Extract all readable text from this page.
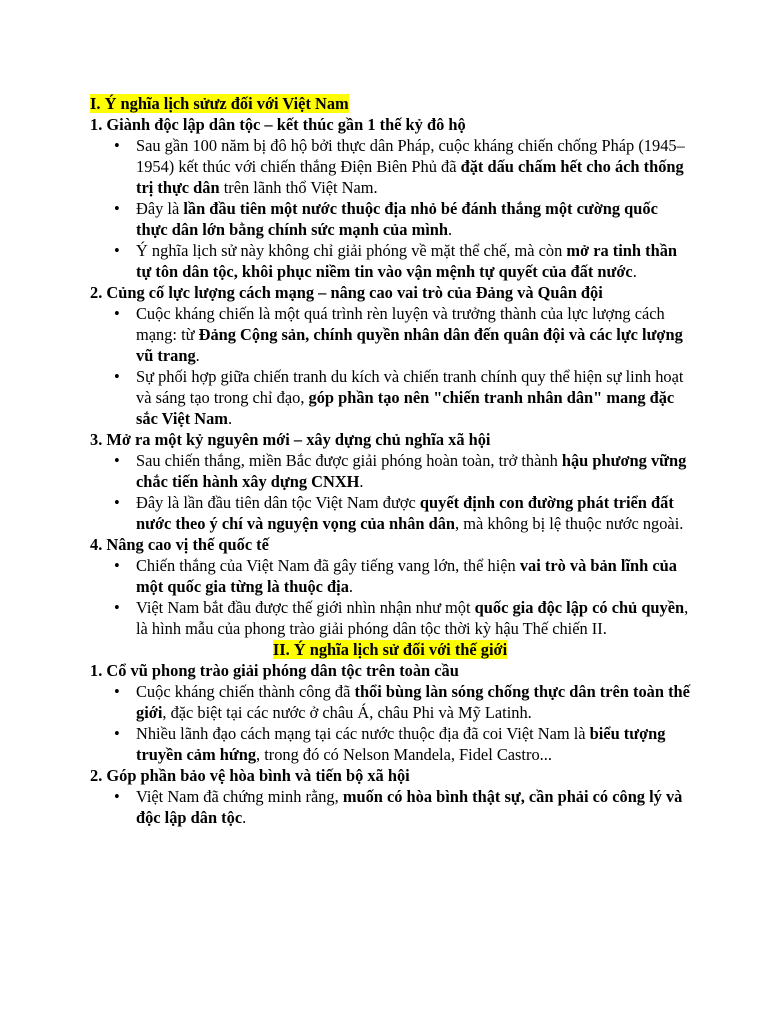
I. Ý nghĩa lịch sửưz đối với Việt Nam

1. Giành độc lập dân tộc – kết thúc gần 1 thế kỷ đô hộ

• Sau gần 100 năm bị đô hộ bởi thực dân Pháp, cuộc kháng chiến chống Pháp (1945–1954) kết thúc với chiến thắng Điện Biên Phủ đã đặt dấu chấm hết cho ách thống trị thực dân trên lãnh thổ Việt Nam.
• Đây là lần đầu tiên một nước thuộc địa nhỏ bé đánh thắng một cường quốc thực dân lớn bằng chính sức mạnh của mình.
• Ý nghĩa lịch sử này không chỉ giải phóng về mặt thể chế, mà còn mở ra tinh thần tự tôn dân tộc, khôi phục niềm tin vào vận mệnh tự quyết của đất nước.

2. Củng cố lực lượng cách mạng – nâng cao vai trò của Đảng và Quân đội

• Cuộc kháng chiến là một quá trình rèn luyện và trưởng thành của lực lượng cách mạng: từ Đảng Cộng sản, chính quyền nhân dân đến quân đội và các lực lượng vũ trang.
• Sự phối hợp giữa chiến tranh du kích và chiến tranh chính quy thể hiện sự linh hoạt và sáng tạo trong chỉ đạo, góp phần tạo nên "chiến tranh nhân dân" mang đặc sắc Việt Nam.

3. Mở ra một kỷ nguyên mới – xây dựng chủ nghĩa xã hội

• Sau chiến thắng, miền Bắc được giải phóng hoàn toàn, trở thành hậu phương vững chắc tiến hành xây dựng CNXH.
• Đây là lần đầu tiên dân tộc Việt Nam được quyết định con đường phát triển đất nước theo ý chí và nguyện vọng của nhân dân, mà không bị lệ thuộc nước ngoài.

4. Nâng cao vị thế quốc tế

• Chiến thắng của Việt Nam đã gây tiếng vang lớn, thể hiện vai trò và bản lĩnh của một quốc gia từng là thuộc địa.
• Việt Nam bắt đầu được thế giới nhìn nhận như một quốc gia độc lập có chủ quyền, là hình mẫu của phong trào giải phóng dân tộc thời kỳ hậu Thế chiến II.

II. Ý nghĩa lịch sử đối với thế giới

1. Cổ vũ phong trào giải phóng dân tộc trên toàn cầu

• Cuộc kháng chiến thành công đã thổi bùng làn sóng chống thực dân trên toàn thế giới, đặc biệt tại các nước ở châu Á, châu Phi và Mỹ Latinh.
• Nhiều lãnh đạo cách mạng tại các nước thuộc địa đã coi Việt Nam là biểu tượng truyền cảm hứng, trong đó có Nelson Mandela, Fidel Castro...

2. Góp phần bảo vệ hòa bình và tiến bộ xã hội

• Việt Nam đã chứng minh rằng, muốn có hòa bình thật sự, cần phải có công lý và độc lập dân tộc.
